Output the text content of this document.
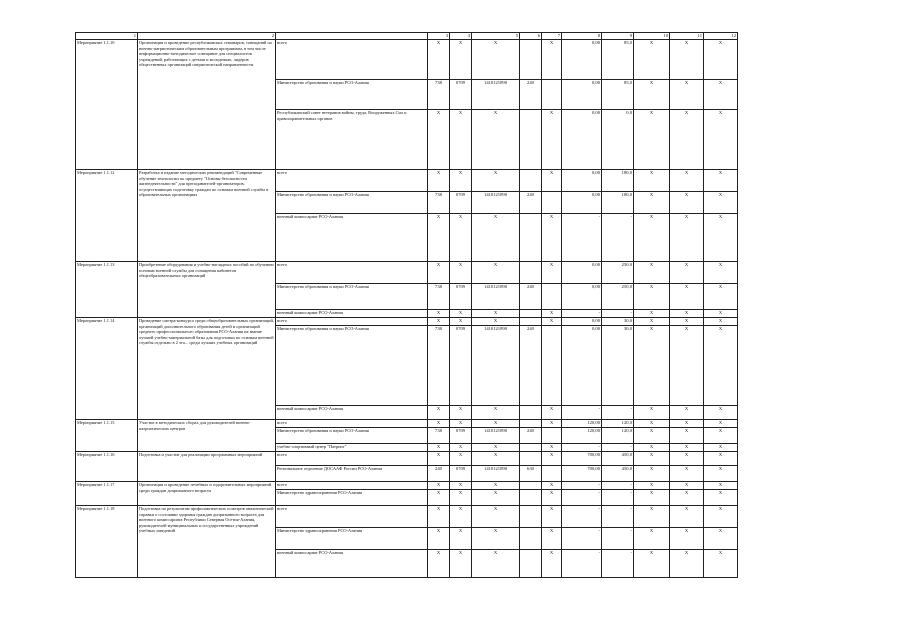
1	2		3	4	5	6	7	8	9	10	11	12
Мероприятие 1.1.10	Организация и проведение республиканских семинаров, совещаний по военно-патриотическим образовательным программам, в том числе информационно-методическое совещание для специалистов учреждений, работающих с детьми и молодежью, лидеров общественных организаций патриотической направленности	всего	X	X	X		X	0,00	85,0	X	X	X
		Министерство образования и науки РСО-Алания	738	0709	1410121890	240		0,00	85,0	X	X	X
		Республиканский совет ветеранов войны, труда, Вооруженных Сил и правоохранительных органов	X	X	X		X	0,00	0,0	X	X	X
Мероприятие 1.1.12	Разработка и издание методических рекомендаций "Современные обучение технологии по предмету "Основы безопасности жизнедеятельности" для преподавателей-организаторов, осуществляющих подготовку граждан по основам военной службы в образовательных организациях	всего	X	X	X		X	0,00	180,0	X	X	X
		Министерство образования и науки РСО-Алания	738	0709	1410121890	240		0,00	180,0	X	X	X
		военный комиссариат РСО-Алания	X	X	X		X	-	-	X	X	X
Мероприятие 1.1.13	Приобретение оборудования и учебно-наглядных пособий по обучению основам военной службы для оснащения кабинетов общеобразовательных организаций	всего	X	X	X		X	0,00	250,0	X	X	X
		Министерство образования и науки РСО-Алания	738	0709	1410121890	240		0,00	250,0	X	X	X
		военный комиссариат РСО-Алания	X	X	X		X	-	-	X	X	X
Мероприятие 1.1.14	Проведение смотра-конкурса среди общеобразовательных организаций, организаций дополнительного образования детей и организаций среднего профессионального образования РСО-Алания на звание лучшей учебно-материальной базы для подготовки по основам военной службы отдельно в 2 эта... среди лучших учебных организаций	всего	X	X	X		X	0,00	30,0	X	X	X
		Министерство образования и науки РСО-Алания	738	0709	1410121890	240		0,00	30,0	X	X	X
		военный комиссариат РСО-Алания	X	X	X		X	-	-	X	X	X
Мероприятие 1.1.15	Участие в методических сборах для руководителей военно-патриотических центров	всего	X	X	X		X	120,00	120,0	X	X	X
		Министерство образования и науки РСО-Алания	738	0709	1410121890	240		120,00	120,0	X	X	X
		учебно-спортивный центр "Патриот"	X	X	X		X	-	-	X	X	X
Мероприятие 1.1.16	Подготовка и участие для реализации программных мероприятий	всего	X	X	X		X	700,00	450,0	X	X	X
		Региональное отделение ДОСААФ России РСО-Алания	240	0709	1410121890	630		700,00	450,0	X	X	X
Мероприятие 1.1.17	Организация и проведение лечебных и оздоровительных мероприятий среди граждан допризывного возраста	всего	X	X	X		X	-	-	X	X	X
		Министерство здравоохранения РСО-Алания	X	X	X		X	-	-	X	X	X
Мероприятие 1.1.18	Подготовка по результатам профилактических осмотров аналитической справки о состоянии здоровья граждан допризывного возраста для военного комиссариата Республики Северная Осетия-Алания, руководителей муниципальных и государственных учреждений учебных заведений	всего	X	X	X		X	-	-	X	X	X
		Министерство здравоохранения РСО-Алания	X	X	X		X	-	-	X	X	X
		военный комиссариат РСО-Алания	X	X	X		X	-	-	X	X	X
